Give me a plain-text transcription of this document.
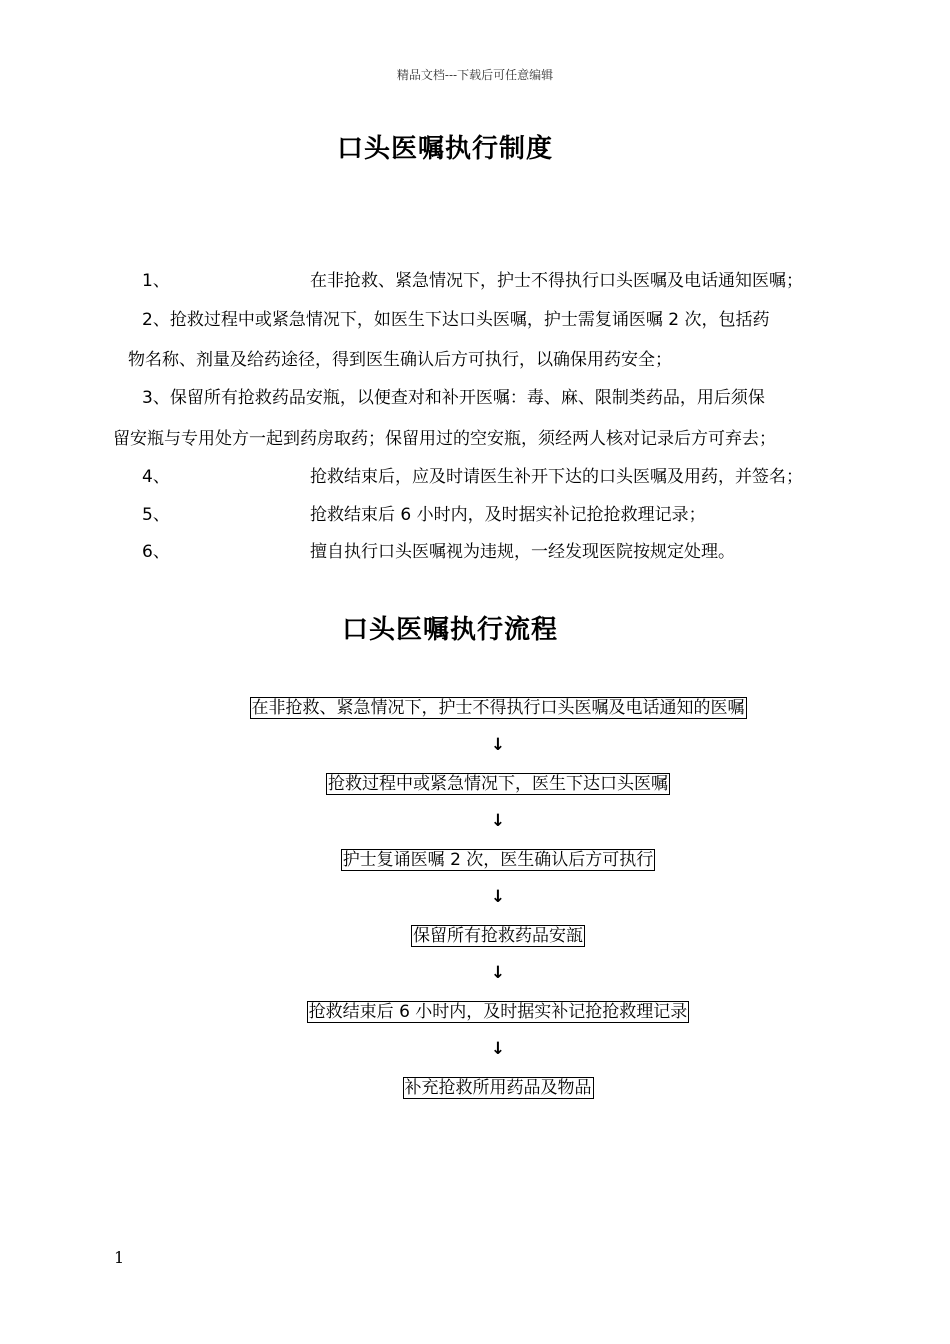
精品文档---下载后可任意编辑
口头医嘱执行制度
1、	在非抢救、紧急情况下，护士不得执行口头医嘱及电话通知医嘱；
2、抢救过程中或紧急情况下，如医生下达口头医嘱，护士需复诵医嘱 2 次，包括药
物名称、剂量及给药途径，得到医生确认后方可执行，以确保用药安全；
3、保留所有抢救药品安瓶，以便查对和补开医嘱：毒、麻、限制类药品，用后须保
留安瓶与专用处方一起到药房取药；保留用过的空安瓶，须经两人核对记录后方可弃去；
4、	抢救结束后，应及时请医生补开下达的口头医嘱及用药，并签名；
5、	抢救结束后 6 小时内，及时据实补记抢抢救理记录；
6、	擅自执行口头医嘱视为违规，一经发现医院按规定处理。
口头医嘱执行流程
在非抢救、紧急情况下，护士不得执行口头医嘱及电话通知的医嘱
↓
抢救过程中或紧急情况下，医生下达口头医嘱
↓
护士复诵医嘱 2 次，医生确认后方可执行
↓
保留所有抢救药品安瓿
↓
抢救结束后 6 小时内，及时据实补记抢抢救理记录
↓
补充抢救所用药品及物品
1
